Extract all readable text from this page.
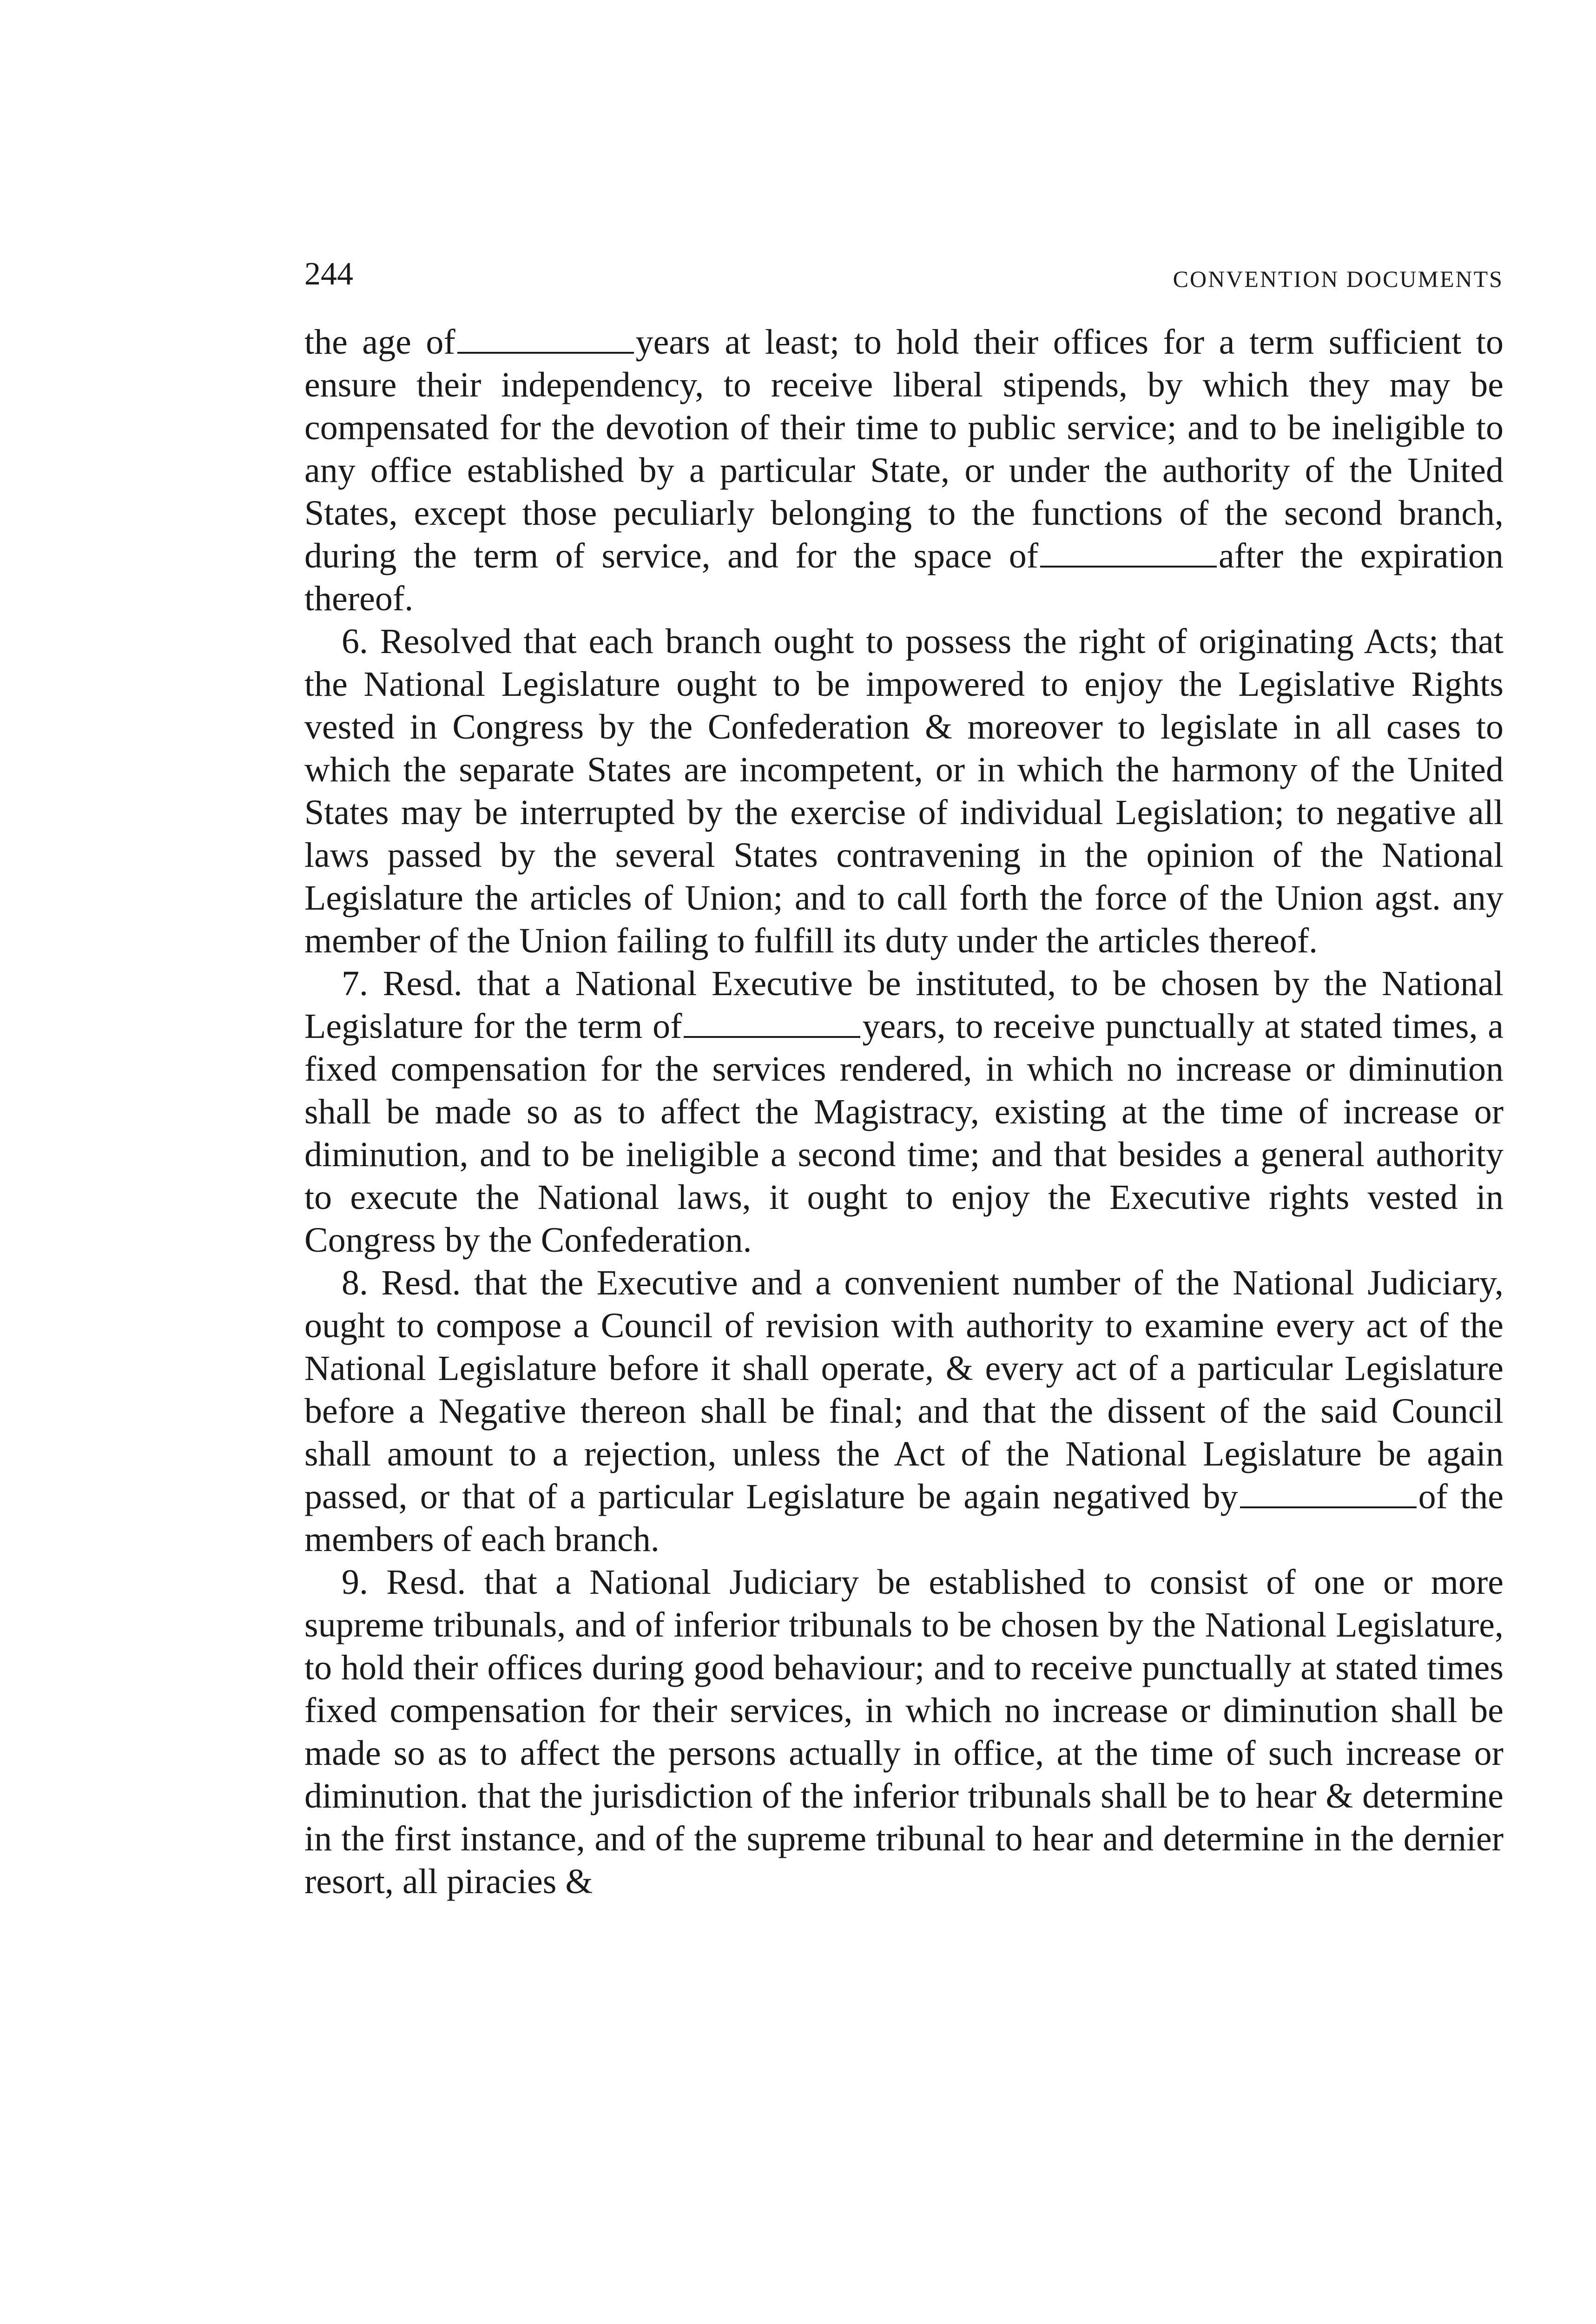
244	CONVENTION DOCUMENTS

the age of	years at least; to hold their offices for a term sufficient to ensure their independency, to receive liberal stipends, by which they may be compensated for the devotion of their time to public service; and to be ineligible to any office established by a particular State, or under the authority of the United States, except those peculiarly belonging to the functions of the second branch, during the term of service, and for the space of	after the expiration thereof.

6. Resolved that each branch ought to possess the right of originating Acts; that the National Legislature ought to be impowered to enjoy the Legislative Rights vested in Congress by the Confederation & moreover to legislate in all cases to which the separate States are incompetent, or in which the harmony of the United States may be interrupted by the exercise of individual Legislation; to negative all laws passed by the several States contravening in the opinion of the National Legislature the articles of Union; and to call forth the force of the Union agst. any member of the Union failing to fulfill its duty under the articles thereof.

7. Resd. that a National Executive be instituted, to be chosen by the National Legislature for the term of	years, to receive punctually at stated times, a fixed compensation for the services rendered, in which no increase or diminution shall be made so as to affect the Magistracy, existing at the time of increase or diminution, and to be ineligible a second time; and that besides a general authority to execute the National laws, it ought to enjoy the Executive rights vested in Congress by the Confederation.

8. Resd. that the Executive and a convenient number of the National Judiciary, ought to compose a Council of revision with authority to examine every act of the National Legislature before it shall operate, & every act of a particular Legislature before a Negative thereon shall be final; and that the dissent of the said Council shall amount to a rejection, unless the Act of the National Legislature be again passed, or that of a particular Legislature be again negatived by	of the members of each branch.

9. Resd. that a National Judiciary be established to consist of one or more supreme tribunals, and of inferior tribunals to be chosen by the National Legislature, to hold their offices during good behaviour; and to receive punctually at stated times fixed compensation for their services, in which no increase or diminution shall be made so as to affect the persons actually in office, at the time of such increase or diminution. that the jurisdiction of the inferior tribunals shall be to hear & determine in the first instance, and of the supreme tribunal to hear and determine in the dernier resort, all piracies &
